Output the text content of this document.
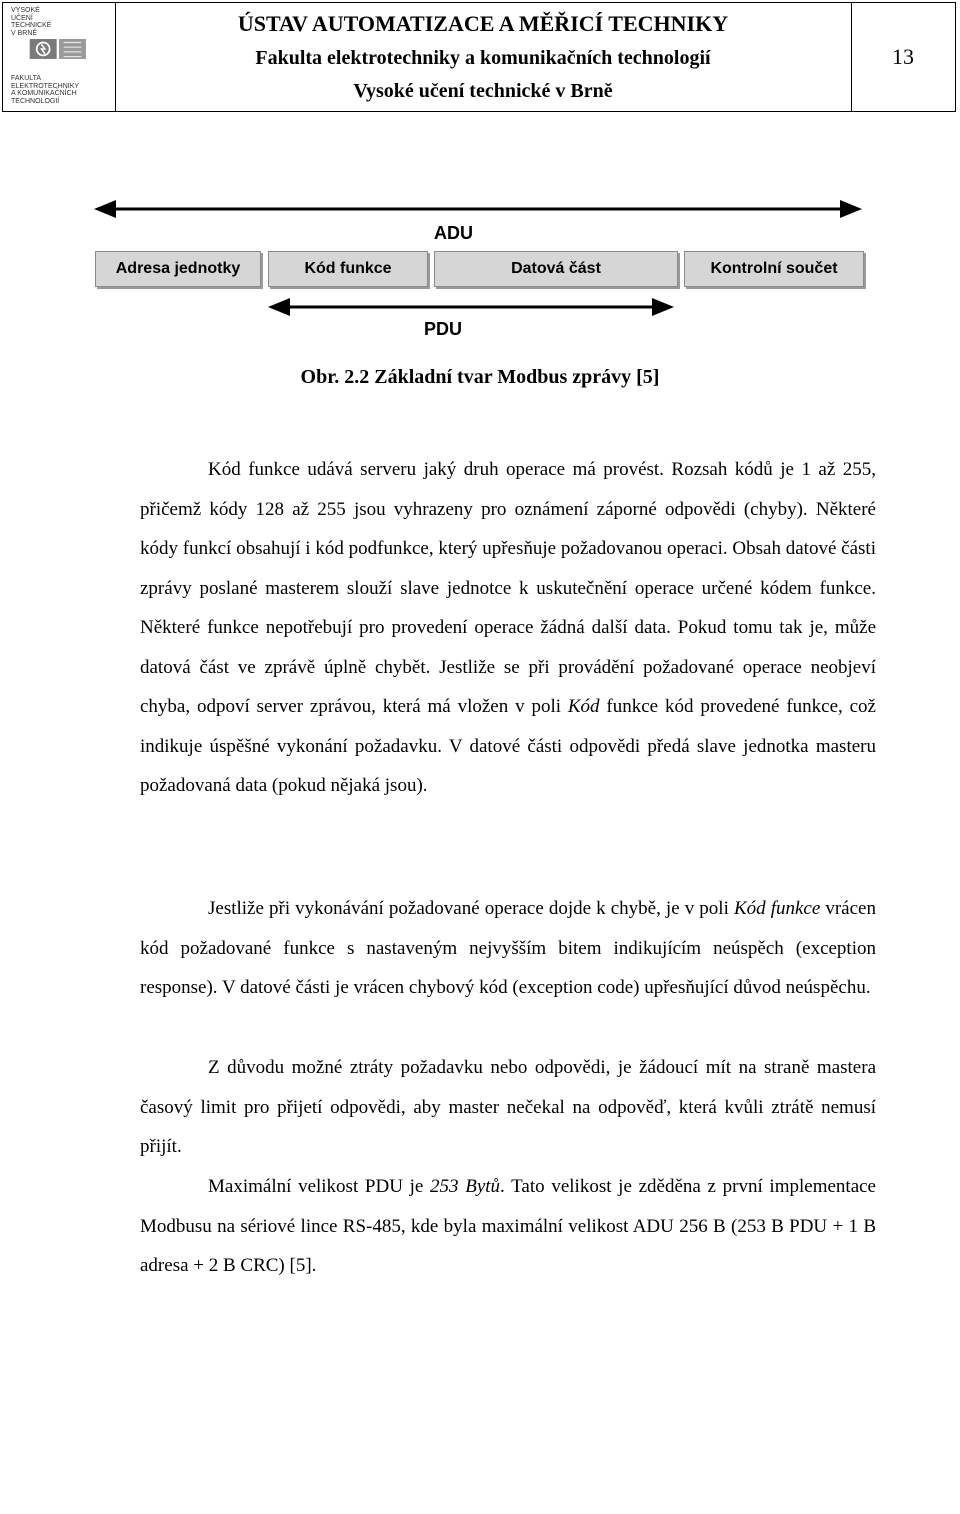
VYSOKÉ
UČENÍ
TECHNICKÉ
V BRNĚ
FAKULTA
ELEKTROTECHNIKY
A KOMUNIKAČNÍCH
TECHNOLOGIÍ
ÚSTAV AUTOMATIZACE A MĚŘICÍ TECHNIKY
Fakulta elektrotechniky a komunikačních technologií
Vysoké učení technické v Brně
13
ADU
Adresa jednotky	Kód funkce	Datová část	Kontrolní součet
PDU
Obr. 2.2 Základní tvar Modbus zprávy [5]

Kód funkce udává serveru jaký druh operace má provést. Rozsah kódů je 1 až 255, přičemž kódy 128 až 255 jsou vyhrazeny pro oznámení záporné odpovědi (chyby). Některé kódy funkcí obsahují i kód podfunkce, který upřesňuje požadovanou operaci. Obsah datové části zprávy poslané masterem slouží slave jednotce k uskutečnění operace určené kódem funkce. Některé funkce nepotřebují pro provedení operace žádná další data. Pokud tomu tak je, může datová část ve zprávě úplně chybět. Jestliže se při provádění požadované operace neobjeví chyba, odpoví server zprávou, která má vložen v poli Kód funkce kód provedené funkce, což indikuje úspěšné vykonání požadavku. V datové části odpovědi předá slave jednotka masteru požadovaná data (pokud nějaká jsou).

Jestliže při vykonávání požadované operace dojde k chybě, je v poli Kód funkce vrácen kód požadované funkce s nastaveným nejvyšším bitem indikujícím neúspěch (exception response). V datové části je vrácen chybový kód (exception code) upřesňující důvod neúspěchu.

Z důvodu možné ztráty požadavku nebo odpovědi, je žádoucí mít na straně mastera časový limit pro přijetí odpovědi, aby master nečekal na odpověď, která kvůli ztrátě nemusí přijít.

Maximální velikost PDU je 253 Bytů. Tato velikost je zděděna z první implementace Modbusu na sériové lince RS-485, kde byla maximální velikost ADU 256 B (253 B PDU + 1 B adresa + 2 B CRC) [5].
